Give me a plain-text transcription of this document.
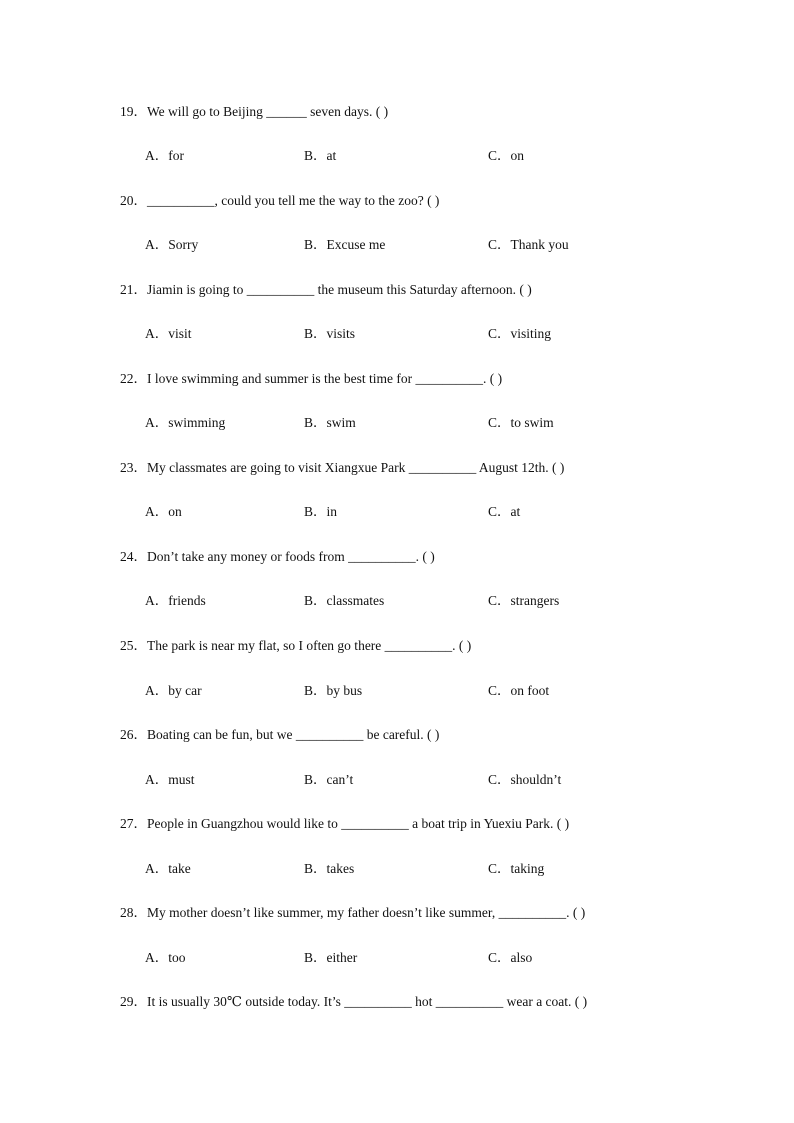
19．We will go to Beijing ______ seven days. ( )
A．for	B．at	C．on
20．__________, could you tell me the way to the zoo? ( )
A．Sorry	B．Excuse me	C．Thank you
21．Jiamin is going to __________ the museum this Saturday afternoon. ( )
A．visit	B．visits	C．visiting
22．I love swimming and summer is the best time for __________. ( )
A．swimming	B．swim	C．to swim
23．My classmates are going to visit Xiangxue Park __________ August 12th. ( )
A．on	B．in	C．at
24．Don’t take any money or foods from __________. ( )
A．friends	B．classmates	C．strangers
25．The park is near my flat, so I often go there __________. ( )
A．by car	B．by bus	C．on foot
26．Boating can be fun, but we __________ be careful. ( )
A．must	B．can’t	C．shouldn’t
27．People in Guangzhou would like to __________ a boat trip in Yuexiu Park. ( )
A．take	B．takes	C．taking
28．My mother doesn’t like summer, my father doesn’t like summer, __________. ( )
A．too	B．either	C．also
29．It is usually 30℃ outside today. It’s __________ hot __________ wear a coat. ( )
